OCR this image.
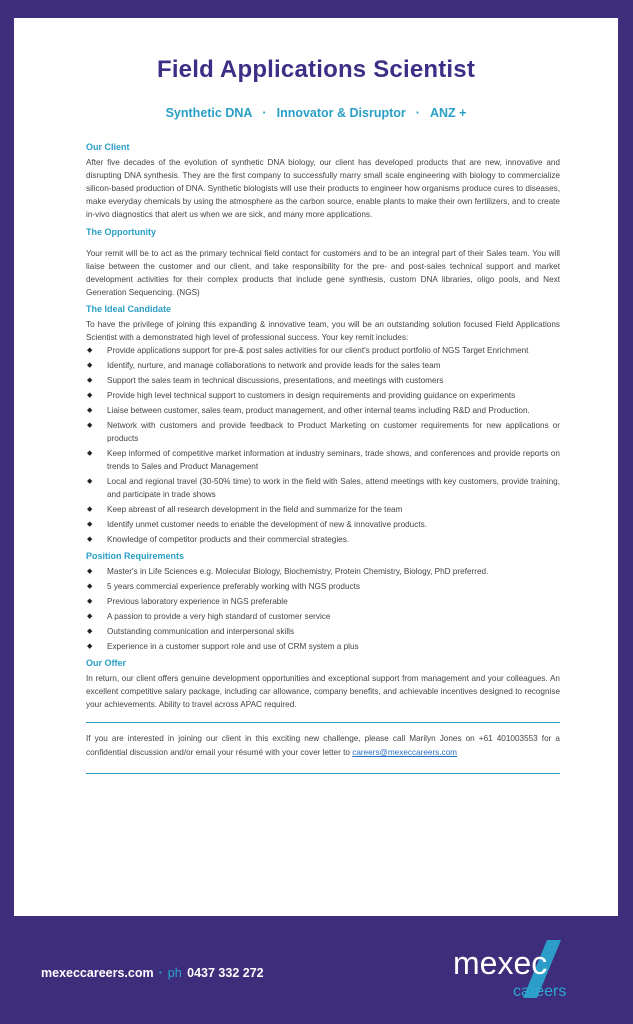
Field Applications Scientist
Synthetic DNA · Innovator & Disruptor · ANZ +
Our Client

After five decades of the evolution of synthetic DNA biology, our client has developed products that are new, innovative and disrupting DNA synthesis. They are the first company to successfully marry small scale engineering with biology to commercialize silicon-based production of DNA. Synthetic biologists will use their products to engineer how organisms produce cures to diseases, make everyday chemicals by using the atmosphere as the carbon source, enable plants to make their own fertilizers, and to create in-vivo diagnostics that alert us when we are sick, and many more applications.

The Opportunity

Your remit will be to act as the primary technical field contact for customers and to be an integral part of their Sales team. You will liaise between the customer and our client, and take responsibility for the pre- and post-sales technical support and market development activities for their complex products that include gene synthesis, custom DNA libraries, oligo pools, and Next Generation Sequencing. (NGS)

The Ideal Candidate

To have the privilege of joining this expanding & innovative team, you will be an outstanding solution focused Field Applications Scientist with a demonstrated high level of professional success. Your key remit includes:

◆ Provide applications support for pre-& post sales activities for our client's product portfolio of NGS Target Enrichment
◆ Identify, nurture, and manage collaborations to network and provide leads for the sales team
◆ Support the sales team in technical discussions, presentations, and meetings with customers
◆ Provide high level technical support to customers in design requirements and providing guidance on experiments
◆ Liaise between customer, sales team, product management, and other internal teams including R&D and Production.
◆ Network with customers and provide feedback to Product Marketing on customer requirements for new applications or products
◆ Keep informed of competitive market information at industry seminars, trade shows, and conferences and provide reports on trends to Sales and Product Management
◆ Local and regional travel (30-50% time) to work in the field with Sales, attend meetings with key customers, provide training, and participate in trade shows
◆ Keep abreast of all research development in the field and summarize for the team
◆ Identify unmet customer needs to enable the development of new & innovative products.
◆ Knowledge of competitor products and their commercial strategies.
Position Requirements
◆ Master's in Life Sciences e.g. Molecular Biology, Biochemistry, Protein Chemistry, Biology, PhD preferred.
◆ 5 years commercial experience preferably working with NGS products
◆ Previous laboratory experience in NGS preferable
◆ A passion to provide a very high standard of customer service
◆ Outstanding communication and interpersonal skills
◆ Experience in a customer support role and use of CRM system a plus
Our Offer

In return, our client offers genuine development opportunities and exceptional support from management and your colleagues. An excellent competitive salary package, including car allowance, company benefits, and achievable incentives designed to recognise your achievements. Ability to travel across APAC required.

If you are interested in joining our client in this exciting new challenge, please call Marilyn Jones on +61 401003553 for a confidential discussion and/or email your résumé with your cover letter to careers@mexeccareers.com

mexeccareers.com · ph 0437 332 272	mexec
careers
